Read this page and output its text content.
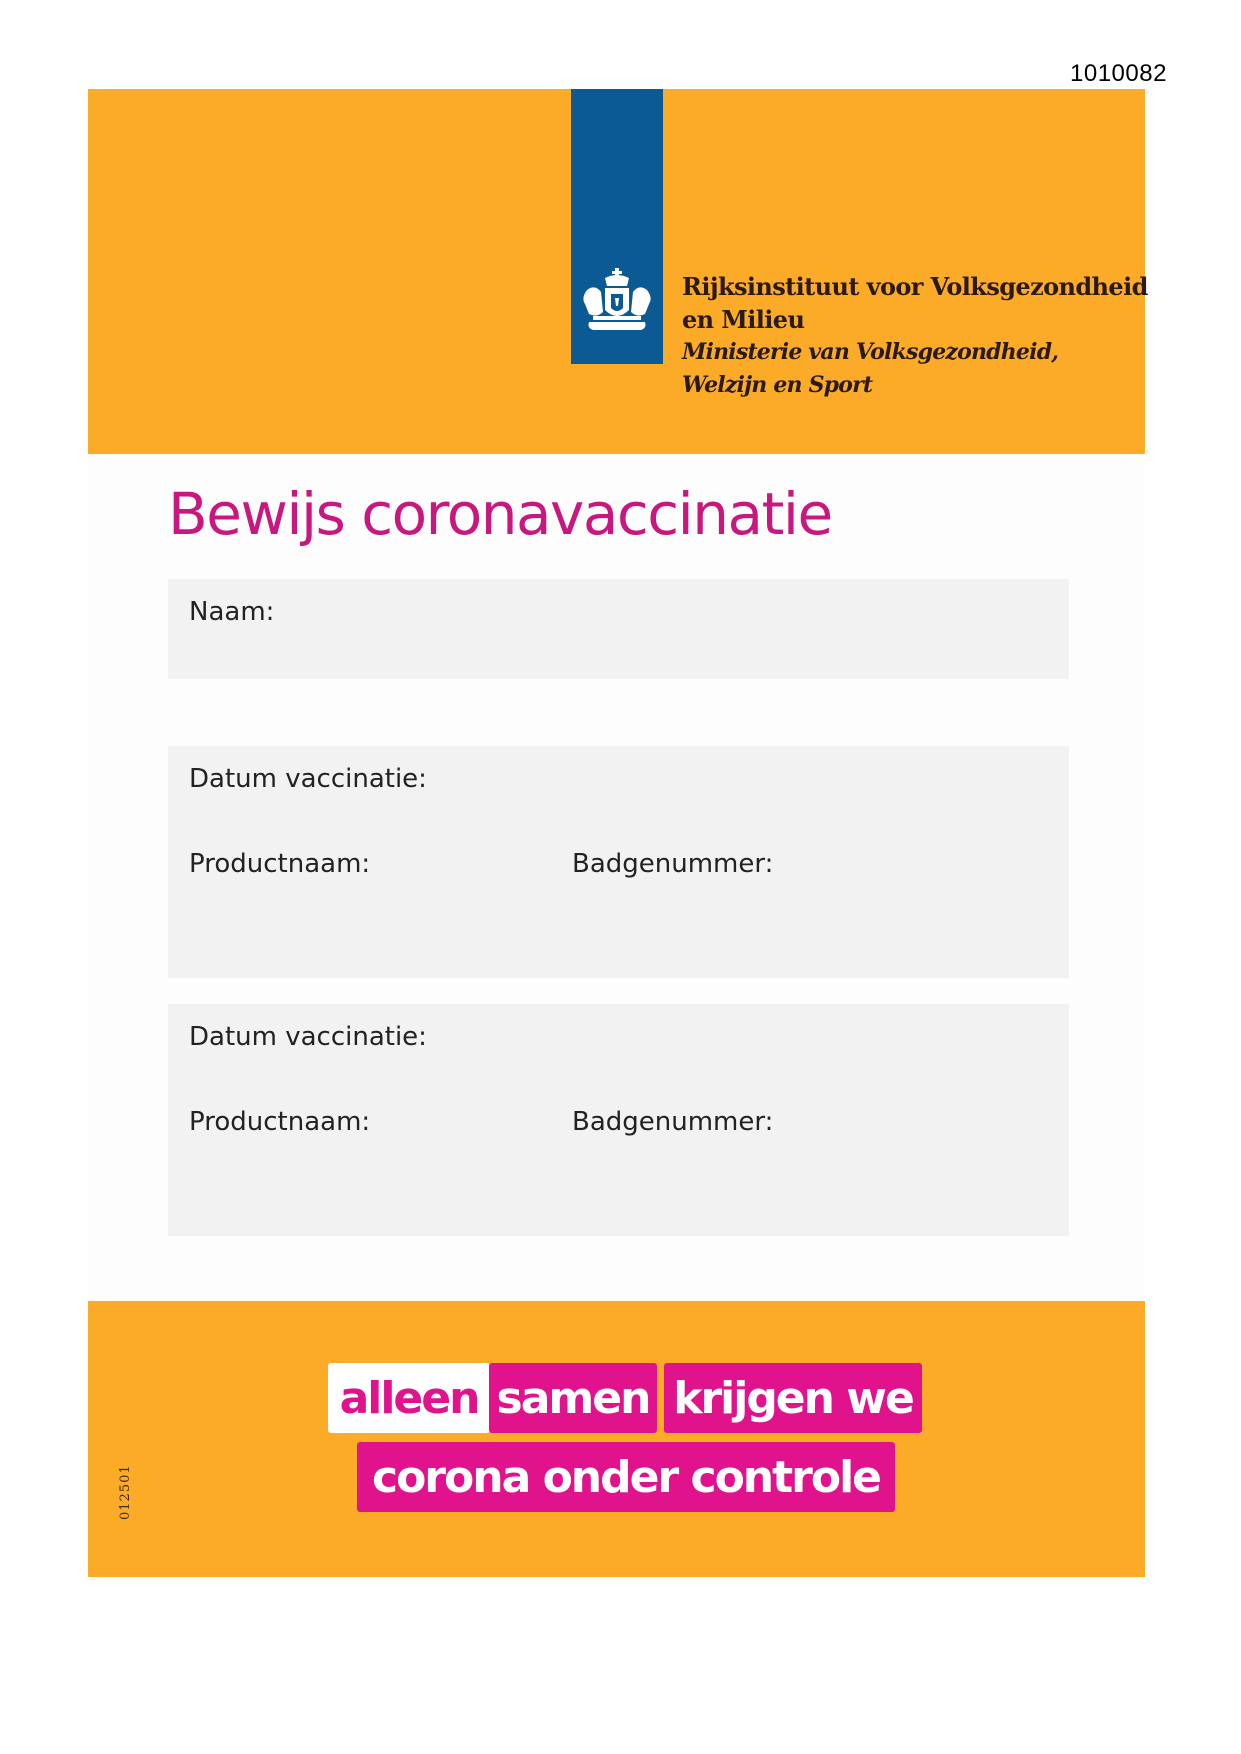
1010082
Rijksinstituut voor Volksgezondheid
en Milieu
Ministerie van Volksgezondheid,
Welzijn en Sport
Bewijs coronavaccinatie
Naam:
Datum vaccinatie:
Productnaam:	Badgenummer:
Datum vaccinatie:
Productnaam:	Badgenummer:
alleen samen krijgen we
corona onder controle
012501
